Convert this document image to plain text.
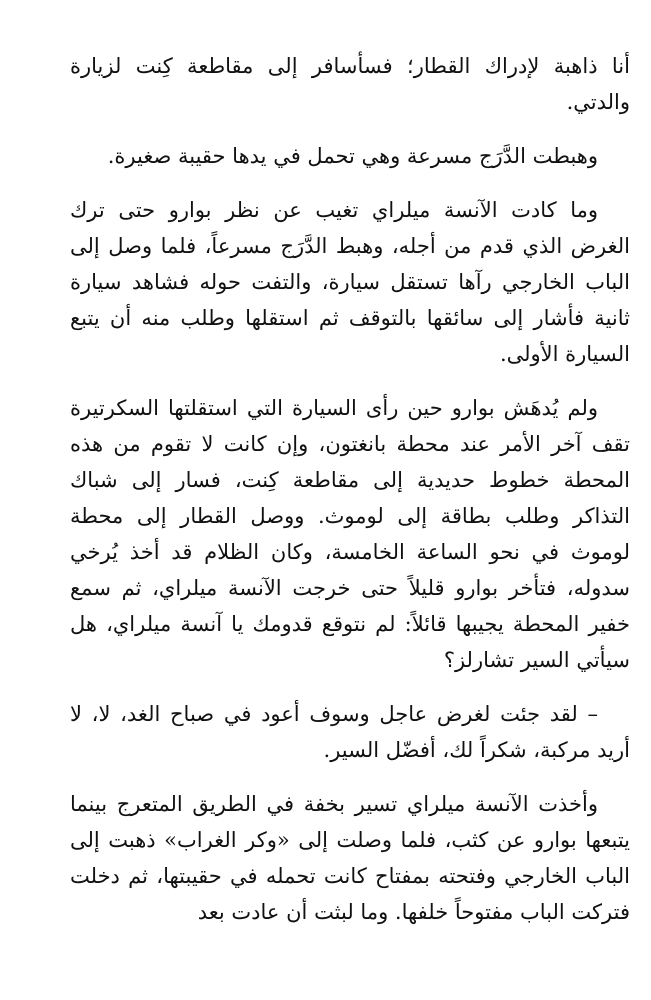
أنا ذاهبة لإدراك القطار؛ فسأسافر إلى مقاطعة كِنت لزيارة والدتي.

وهبطت الدَّرَج مسرعة وهي تحمل في يدها حقيبة صغيرة.

وما كادت الآنسة ميلراي تغيب عن نظر بوارو حتى ترك الغرض الذي قدم من أجله، وهبط الدَّرَج مسرعاً، فلما وصل إلى الباب الخارجي رآها تستقل سيارة، والتفت حوله فشاهد سيارة ثانية فأشار إلى سائقها بالتوقف ثم استقلها وطلب منه أن يتبع السيارة الأولى.

ولم يُدهَش بوارو حين رأى السيارة التي استقلتها السكرتيرة تقف آخر الأمر عند محطة بانغتون، وإن كانت لا تقوم من هذه المحطة خطوط حديدية إلى مقاطعة كِنت، فسار إلى شباك التذاكر وطلب بطاقة إلى لوموث. ووصل القطار إلى محطة لوموث في نحو الساعة الخامسة، وكان الظلام قد أخذ يُرخي سدوله، فتأخر بوارو قليلاً حتى خرجت الآنسة ميلراي، ثم سمع خفير المحطة يجيبها قائلاً: لم نتوقع قدومك يا آنسة ميلراي، هل سيأتي السير تشارلز؟

– لقد جئت لغرض عاجل وسوف أعود في صباح الغد، لا، لا أريد مركبة، شكراً لك، أفضّل السير.

وأخذت الآنسة ميلراي تسير بخفة في الطريق المتعرج بينما يتبعها بوارو عن كثب، فلما وصلت إلى «وكر الغراب» ذهبت إلى الباب الخارجي وفتحته بمفتاح كانت تحمله في حقيبتها، ثم دخلت فتركت الباب مفتوحاً خلفها. وما لبثت أن عادت بعد
